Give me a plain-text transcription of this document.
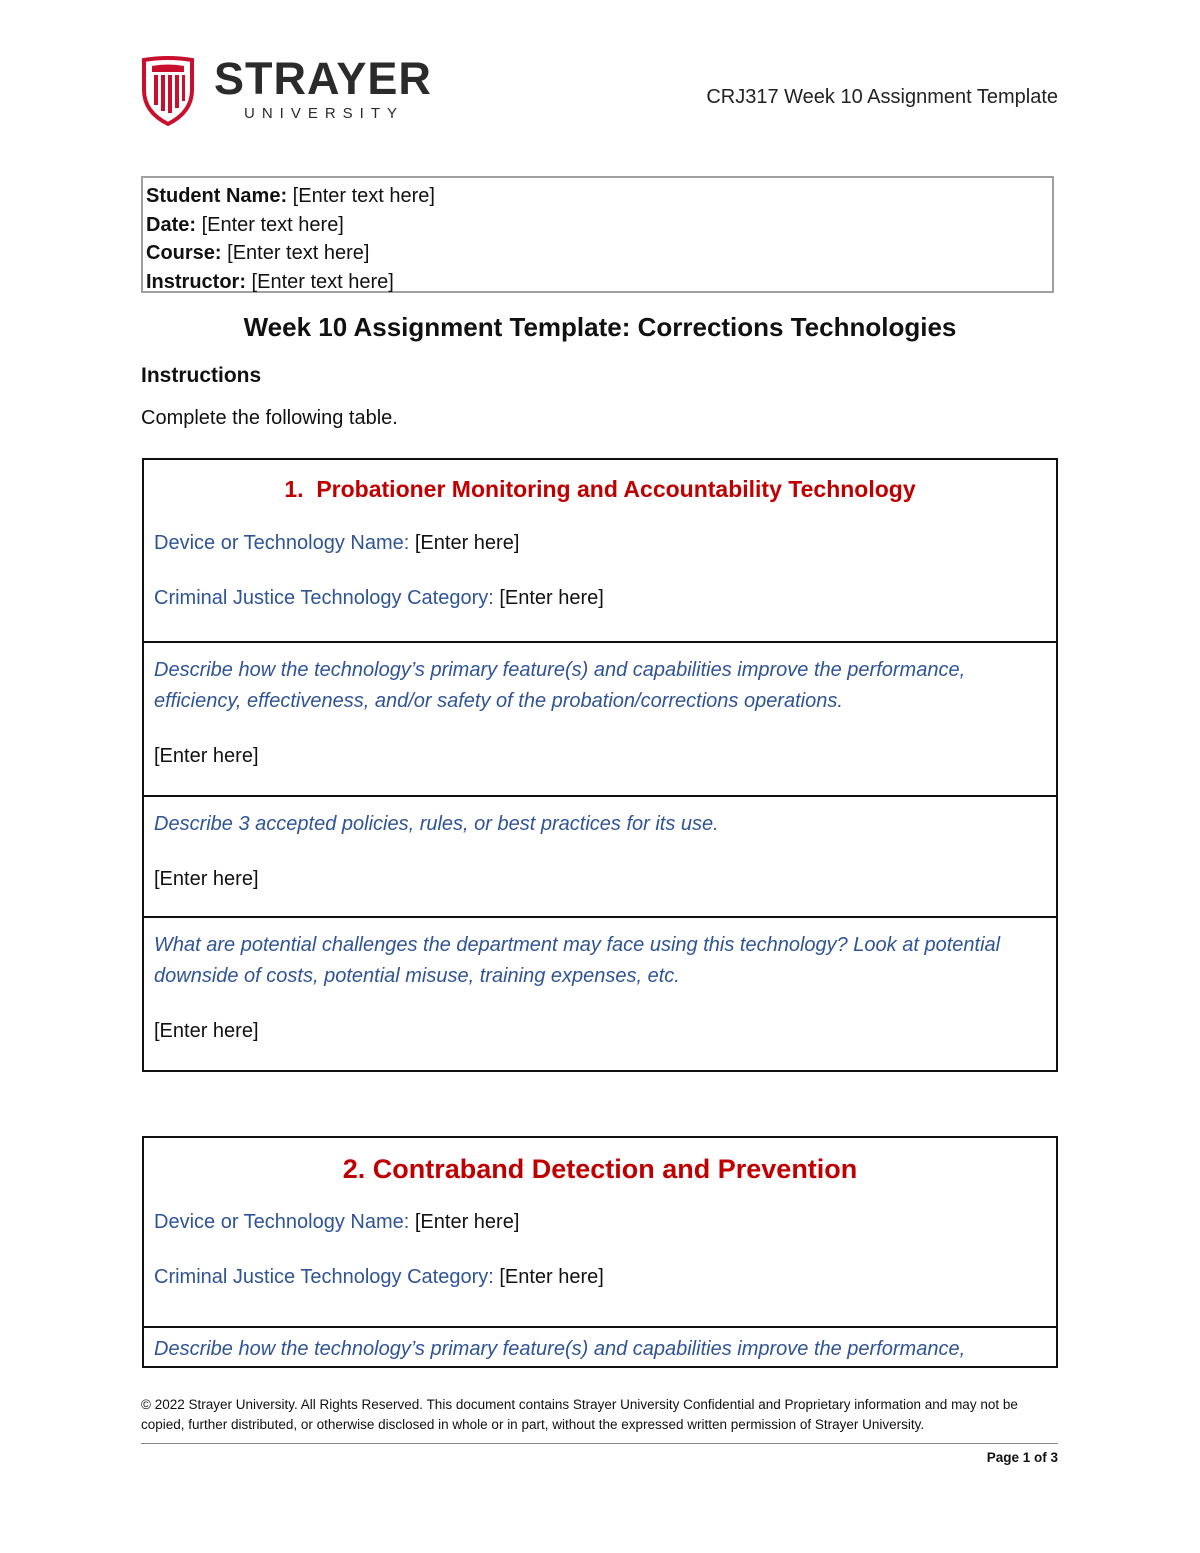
STRAYER
UNIVERSITY
CRJ317 Week 10 Assignment Template
Student Name: [Enter text here]
Date: [Enter text here]
Course: [Enter text here]
Instructor: [Enter text here]
Week 10 Assignment Template: Corrections Technologies
Instructions
Complete the following table.
1. Probationer Monitoring and Accountability Technology
Device or Technology Name: [Enter here]
Criminal Justice Technology Category: [Enter here]
Describe how the technology’s primary feature(s) and capabilities improve the performance, efficiency, effectiveness, and/or safety of the probation/corrections operations.
[Enter here]
Describe 3 accepted policies, rules, or best practices for its use.
[Enter here]
What are potential challenges the department may face using this technology? Look at potential downside of costs, potential misuse, training expenses, etc.
[Enter here]
2. Contraband Detection and Prevention
Device or Technology Name: [Enter here]
Criminal Justice Technology Category: [Enter here]
Describe how the technology’s primary feature(s) and capabilities improve the performance,
© 2022 Strayer University. All Rights Reserved. This document contains Strayer University Confidential and Proprietary information and may not be copied, further distributed, or otherwise disclosed in whole or in part, without the expressed written permission of Strayer University.
Page 1 of 3
